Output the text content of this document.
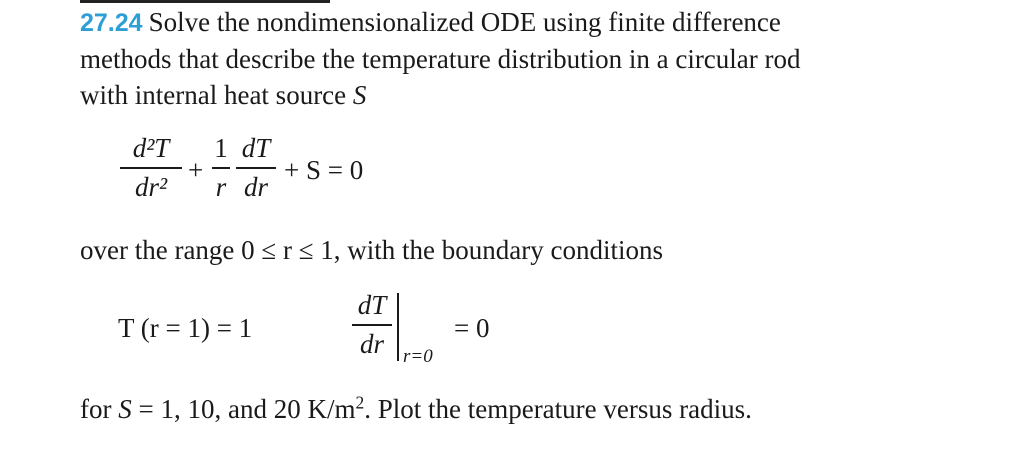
27.24 Solve the nondimensionalized ODE using finite difference
methods that describe the temperature distribution in a circular rod
with internal heat source S
d²T
dr²
+
1
r
dT
dr
+ S = 0
over the range 0 ≤ r ≤ 1, with the boundary conditions
T (r = 1) = 1
dT
dr	r=0
= 0
for S = 1, 10, and 20 $K/m^2$. Plot the temperature versus radius.
